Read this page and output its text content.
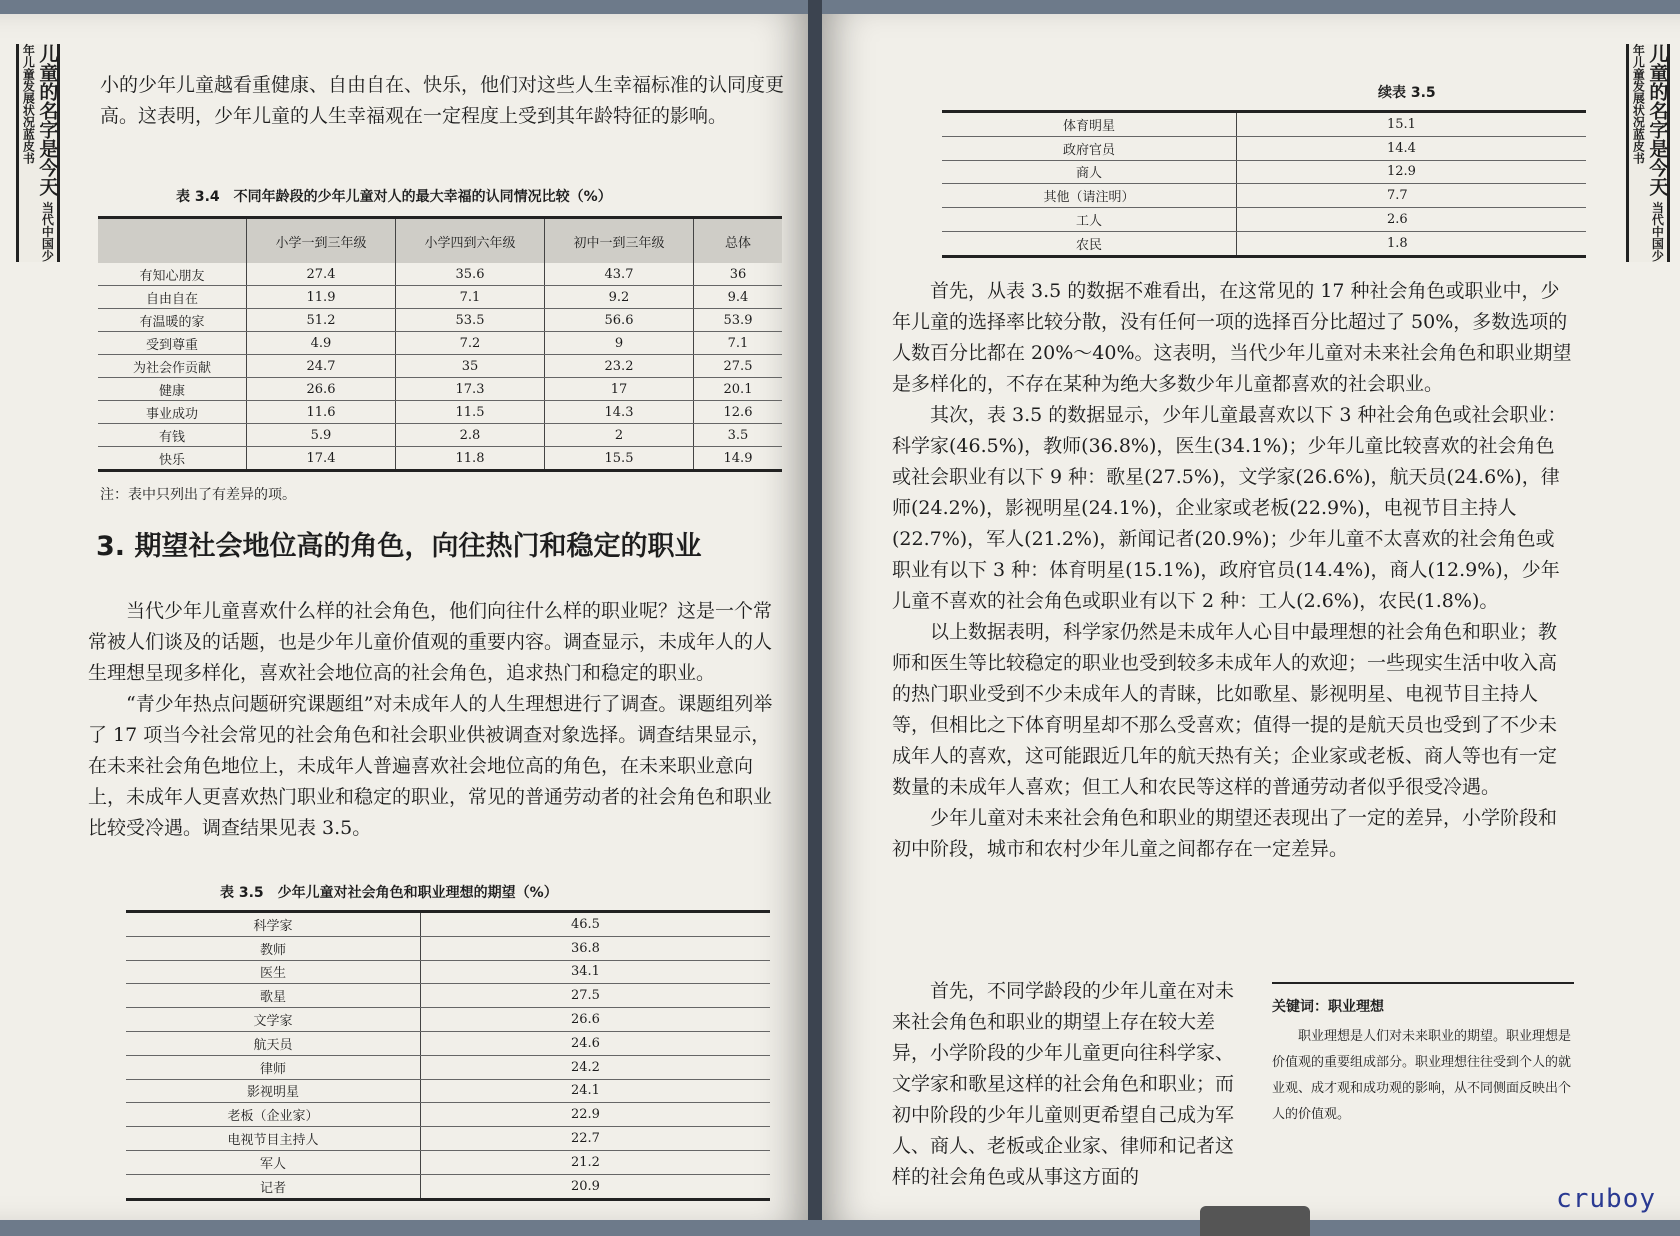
儿童的名字是今天 当代中国少年儿童发展状况蓝皮书	小的少年儿童越看重健康、自由自在、快乐，他们对这些人生幸福标准的认同度更高。这表明，少年儿童的人生幸福观在一定程度上受到其年龄特征的影响。

表 3.4　不同年龄段的少年儿童对人的最大幸福的认同情况比较（%）
	小学一到三年级	小学四到六年级	初中一到三年级	总体
有知心朋友	27.4	35.6	43.7	36
自由自在	11.9	7.1	9.2	9.4
有温暖的家	51.2	53.5	56.6	53.9
受到尊重	4.9	7.2	9	7.1
为社会作贡献	24.7	35	23.2	27.5
健康	26.6	17.3	17	20.1
事业成功	11.6	11.5	14.3	12.6
有钱	5.9	2.8	2	3.5
快乐	17.4	11.8	15.5	14.9
注：表中只列出了有差异的项。
3. 期望社会地位高的角色，向往热门和稳定的职业

当代少年儿童喜欢什么样的社会角色，他们向往什么样的职业呢？这是一个常常被人们谈及的话题，也是少年儿童价值观的重要内容。调查显示，未成年人的人生理想呈现多样化，喜欢社会地位高的社会角色，追求热门和稳定的职业。

“青少年热点问题研究课题组”对未成年人的人生理想进行了调查。课题组列举了 17 项当今社会常见的社会角色和社会职业供被调查对象选择。调查结果显示，在未来社会角色地位上，未成年人普遍喜欢社会地位高的角色，在未来职业意向上，未成年人更喜欢热门职业和稳定的职业，常见的普通劳动者的社会角色和职业比较受冷遇。调查结果见表 3.5。

表 3.5　少年儿童对社会角色和职业理想的期望（%）
科学家	46.5
教师	36.8
医生	34.1
歌星	27.5
文学家	26.6
航天员	24.6
律师	24.2
影视明星	24.1
老板（企业家）	22.9
电视节目主持人	22.7
军人	21.2
记者	20.9
儿童的名字是今天 当代中国少年儿童发展状况蓝皮书
续表 3.5
体育明星	15.1
政府官员	14.4
商人	12.9
其他（请注明）	7.7
工人	2.6
农民	1.8

首先，从表 3.5 的数据不难看出，在这常见的 17 种社会角色或职业中，少年儿童的选择率比较分散，没有任何一项的选择百分比超过了 50%，多数选项的人数百分比都在 20%～40%。这表明，当代少年儿童对未来社会角色和职业期望是多样化的，不存在某种为绝大多数少年儿童都喜欢的社会职业。

其次，表 3.5 的数据显示，少年儿童最喜欢以下 3 种社会角色或社会职业：科学家(46.5%)，教师(36.8%)，医生(34.1%)；少年儿童比较喜欢的社会角色或社会职业有以下 9 种：歌星(27.5%)，文学家(26.6%)，航天员(24.6%)，律师(24.2%)，影视明星(24.1%)，企业家或老板(22.9%)，电视节目主持人(22.7%)，军人(21.2%)，新闻记者(20.9%)；少年儿童不太喜欢的社会角色或职业有以下 3 种：体育明星(15.1%)，政府官员(14.4%)，商人(12.9%)，少年儿童不喜欢的社会角色或职业有以下 2 种：工人(2.6%)，农民(1.8%)。

以上数据表明，科学家仍然是未成年人心目中最理想的社会角色和职业；教师和医生等比较稳定的职业也受到较多未成年人的欢迎；一些现实生活中收入高的热门职业受到不少未成年人的青睐，比如歌星、影视明星、电视节目主持人等，但相比之下体育明星却不那么受喜欢；值得一提的是航天员也受到了不少未成年人的喜欢，这可能跟近几年的航天热有关；企业家或老板、商人等也有一定数量的未成年人喜欢；但工人和农民等这样的普通劳动者似乎很受冷遇。

少年儿童对未来社会角色和职业的期望还表现出了一定的差异，小学阶段和初中阶段，城市和农村少年儿童之间都存在一定差异。

首先，不同学龄段的少年儿童在对未来社会角色和职业的期望上存在较大差异，小学阶段的少年儿童更向往科学家、文学家和歌星这样的社会角色和职业；而初中阶段的少年儿童则更希望自己成为军人、商人、老板或企业家、律师和记者这样的社会角色或从事这方面的

关键词：职业理想
职业理想是人们对未来职业的期望。职业理想是价值观的重要组成部分。职业理想往往受到个人的就业观、成才观和成功观的影响，从不同侧面反映出个人的价值观。
cruboy
